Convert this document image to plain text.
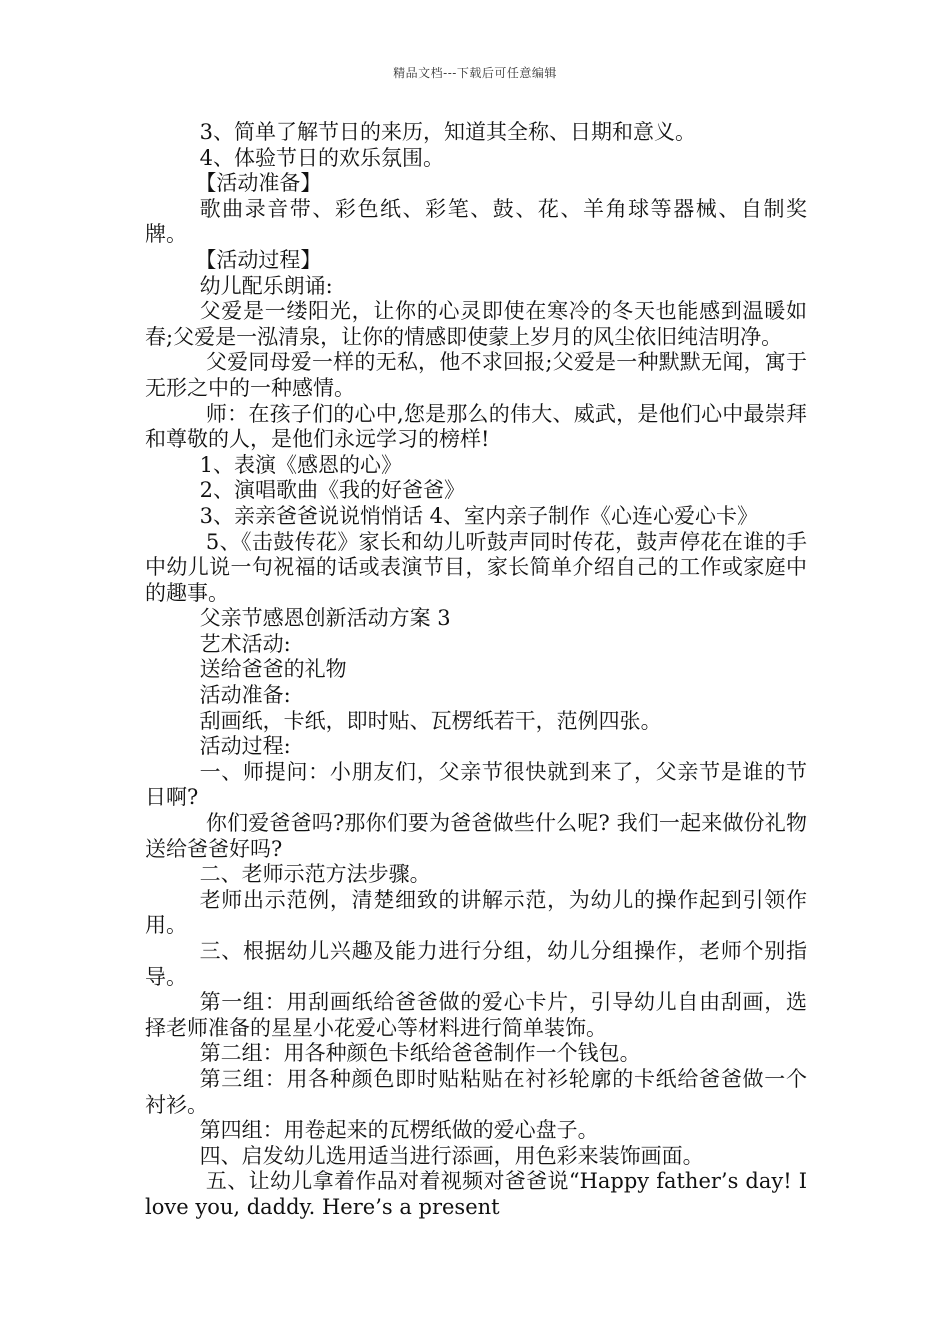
精品文档---下载后可任意编辑

3、简单了解节日的来历，知道其全称、日期和意义。

4、体验节日的欢乐氛围。

【活动准备】

歌曲录音带、彩色纸、彩笔、鼓、花、羊角球等器械、自制奖牌。

【活动过程】

幼儿配乐朗诵:

父爱是一缕阳光，让你的心灵即使在寒冷的冬天也能感到温暖如春;父爱是一泓清泉，让你的情感即使蒙上岁月的风尘依旧纯洁明净。

父爱同母爱一样的无私，他不求回报;父爱是一种默默无闻，寓于无形之中的一种感情。

师：在孩子们的心中,您是那么的伟大、威武，是他们心中最崇拜和尊敬的人，是他们永远学习的榜样!

1、表演《感恩的心》

2、演唱歌曲《我的好爸爸》

3、亲亲爸爸说说悄悄话 4、室内亲子制作《心连心爱心卡》

5、《击鼓传花》家长和幼儿听鼓声同时传花，鼓声停花在谁的手中幼儿说一句祝福的话或表演节目，家长简单介绍自己的工作或家庭中的趣事。

父亲节感恩创新活动方案 3

艺术活动:

送给爸爸的礼物

活动准备:

刮画纸，卡纸，即时贴、瓦楞纸若干，范例四张。

活动过程:

一、师提问：小朋友们，父亲节很快就到来了，父亲节是谁的节日啊?

你们爱爸爸吗?那你们要为爸爸做些什么呢? 我们一起来做份礼物送给爸爸好吗?

二、老师示范方法步骤。

老师出示范例，清楚细致的讲解示范，为幼儿的操作起到引领作用。

三、根据幼儿兴趣及能力进行分组，幼儿分组操作，老师个别指导。

第一组：用刮画纸给爸爸做的爱心卡片，引导幼儿自由刮画，选择老师准备的星星小花爱心等材料进行简单装饰。

第二组：用各种颜色卡纸给爸爸制作一个钱包。

第三组：用各种颜色即时贴粘贴在衬衫轮廓的卡纸给爸爸做一个衬衫。

第四组：用卷起来的瓦楞纸做的爱心盘子。

四、启发幼儿选用适当进行添画，用色彩来装饰画面。

五、让幼儿拿着作品对着视频对爸爸说“Happy father’s day! I love you, daddy. Here’s a present
